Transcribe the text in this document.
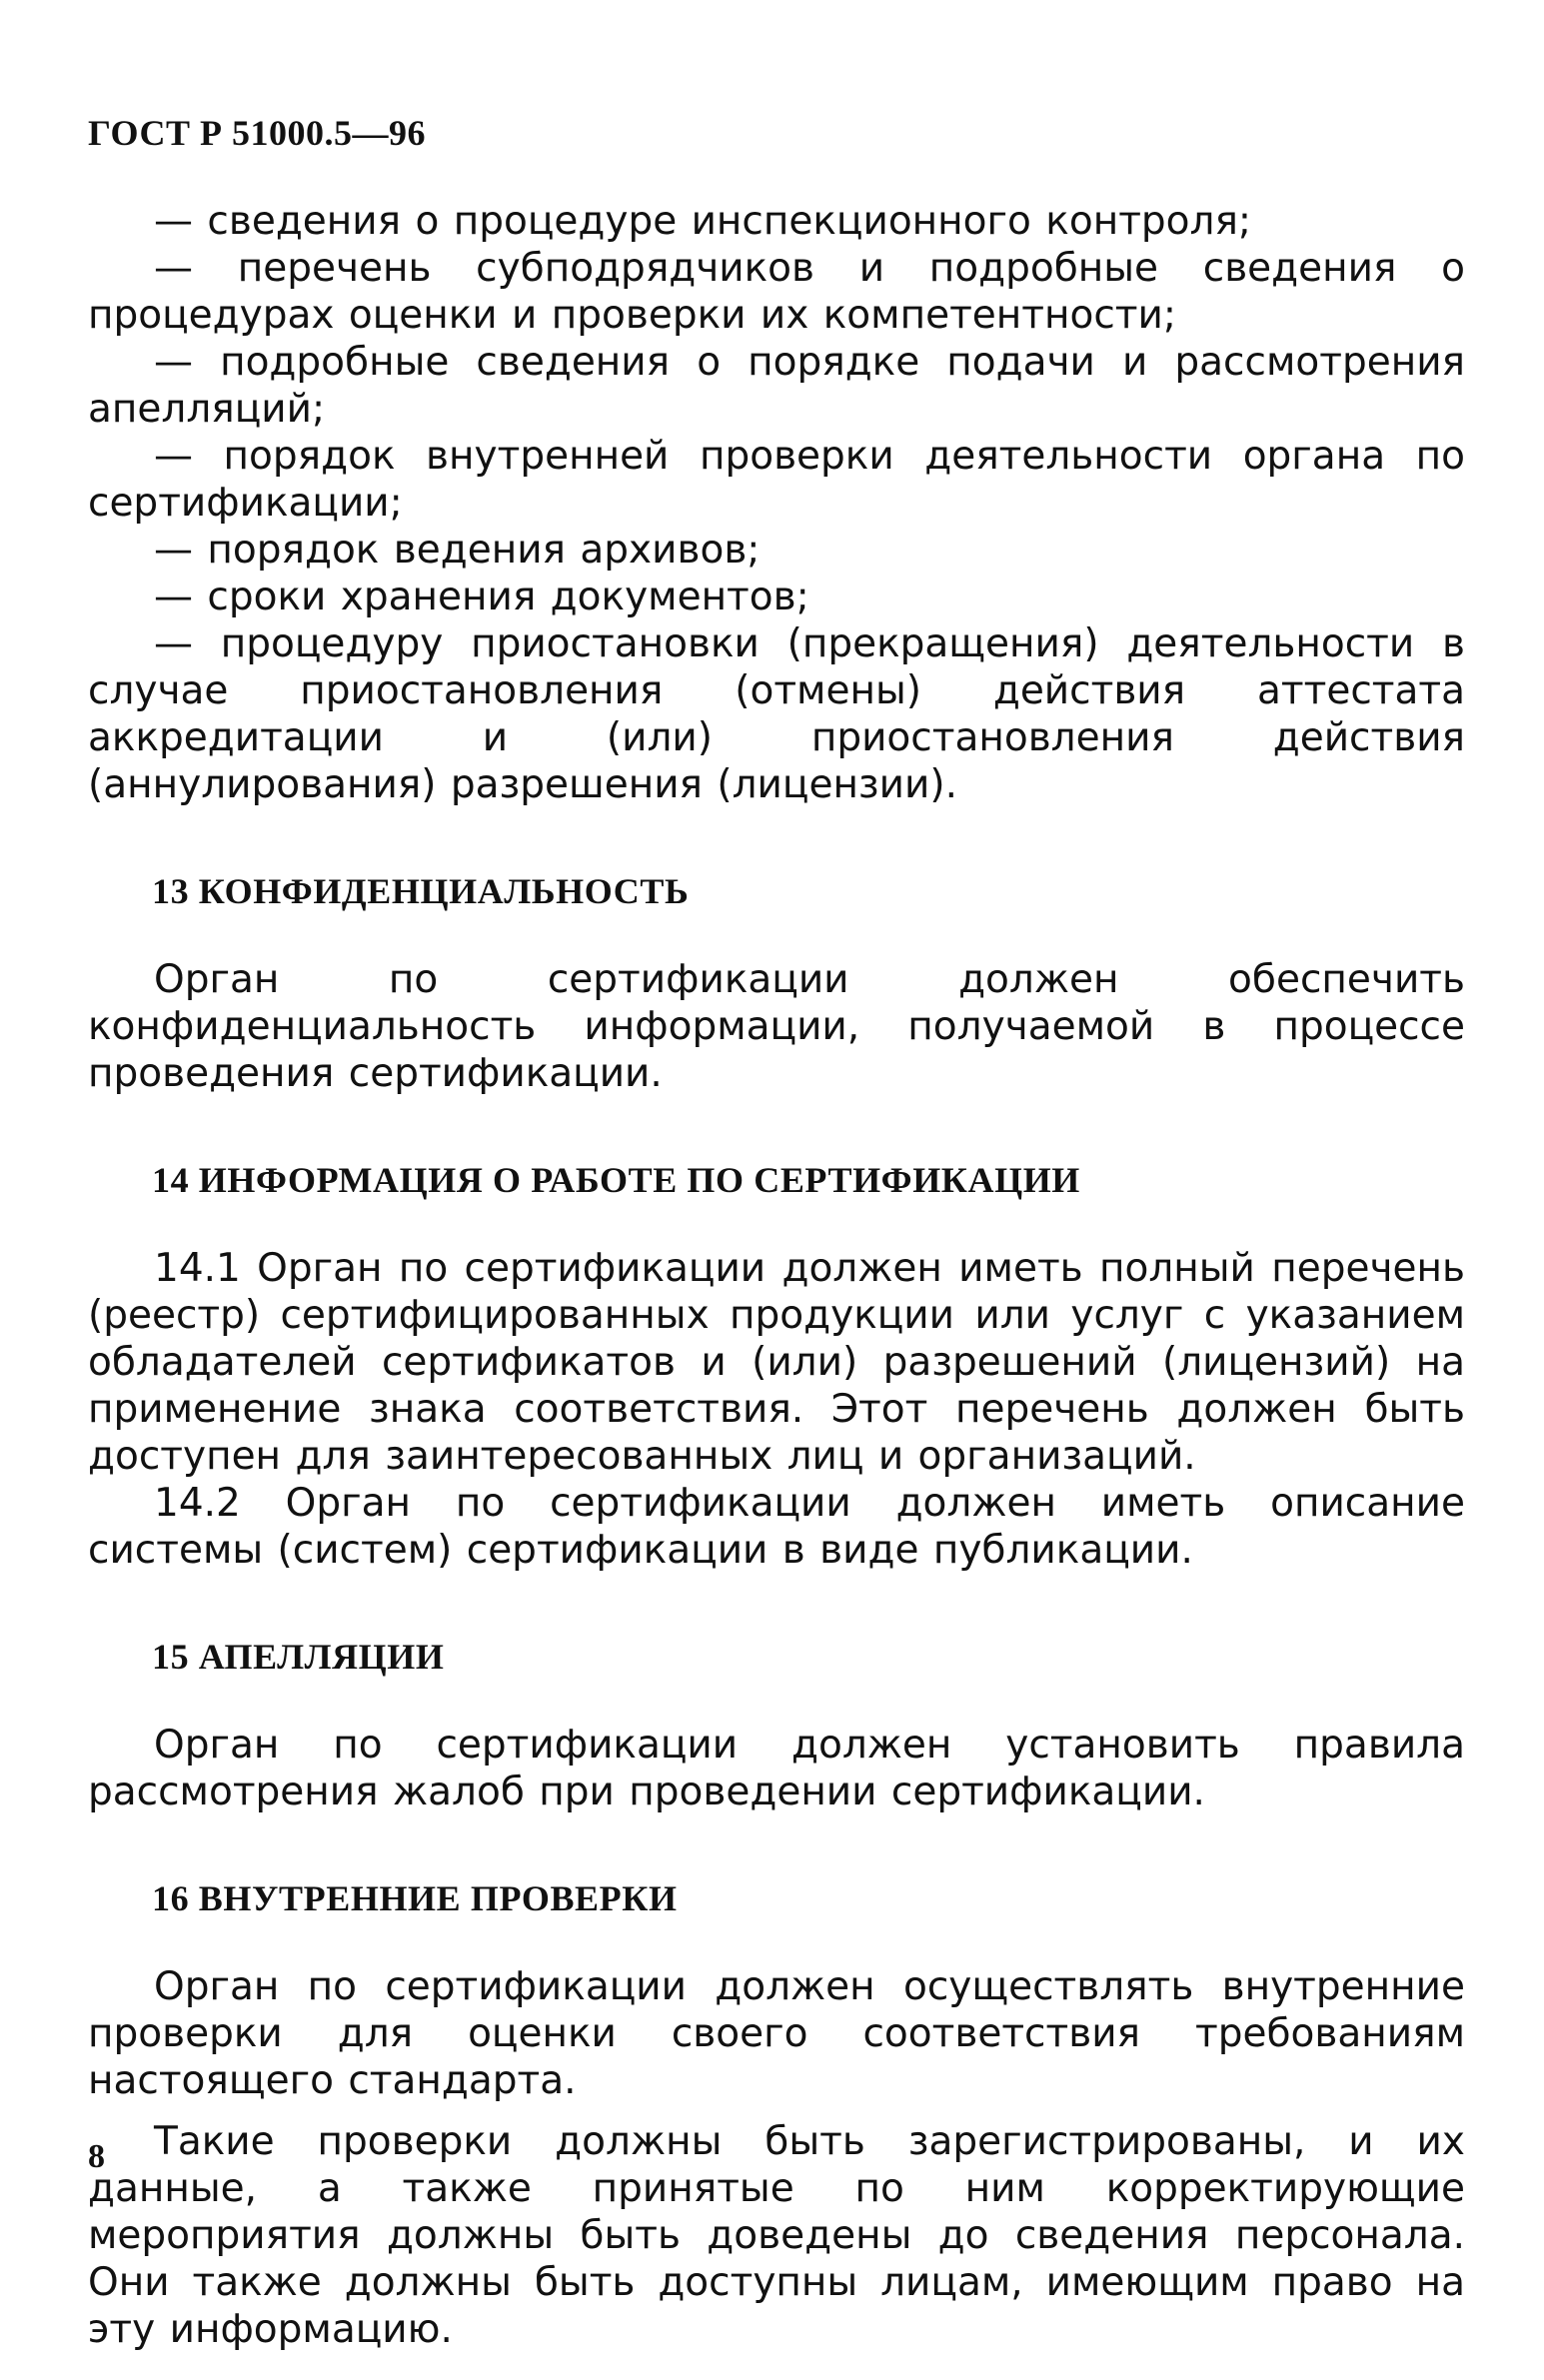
ГОСТ Р 51000.5—96

— сведения о процедуре инспекционного контроля;

— перечень субподрядчиков и подробные сведения о процедурах оценки и проверки их компетентности;

— подробные сведения о порядке подачи и рассмотрения апелляций;

— порядок внутренней проверки деятельности органа по сертификации;

— порядок ведения архивов;

— сроки хранения документов;

— процедуру приостановки (прекращения) деятельности в случае приостановления (отмены) действия аттестата аккредитации и (или) приостановления действия (аннулирования) разрешения (лицензии).

13 КОНФИДЕНЦИАЛЬНОСТЬ

Орган по сертификации должен обеспечить конфиденциальность информации, получаемой в процессе проведения сертификации.

14 ИНФОРМАЦИЯ О РАБОТЕ ПО СЕРТИФИКАЦИИ

14.1 Орган по сертификации должен иметь полный перечень (реестр) сертифицированных продукции или услуг с указанием обладателей сертификатов и (или) разрешений (лицензий) на применение знака соответствия. Этот перечень должен быть доступен для заинтересованных лиц и организаций.

14.2 Орган по сертификации должен иметь описание системы (систем) сертификации в виде публикации.

15 АПЕЛЛЯЦИИ

Орган по сертификации должен установить правила рассмотрения жалоб при проведении сертификации.

16 ВНУТРЕННИЕ ПРОВЕРКИ

Орган по сертификации должен осуществлять внутренние проверки для оценки своего соответствия требованиям настоящего стандарта.

Такие проверки должны быть зарегистрированы, и их данные, а также принятые по ним корректирующие мероприятия должны быть доведены до сведения персонала. Они также должны быть доступны лицам, имеющим право на эту информацию.

8
